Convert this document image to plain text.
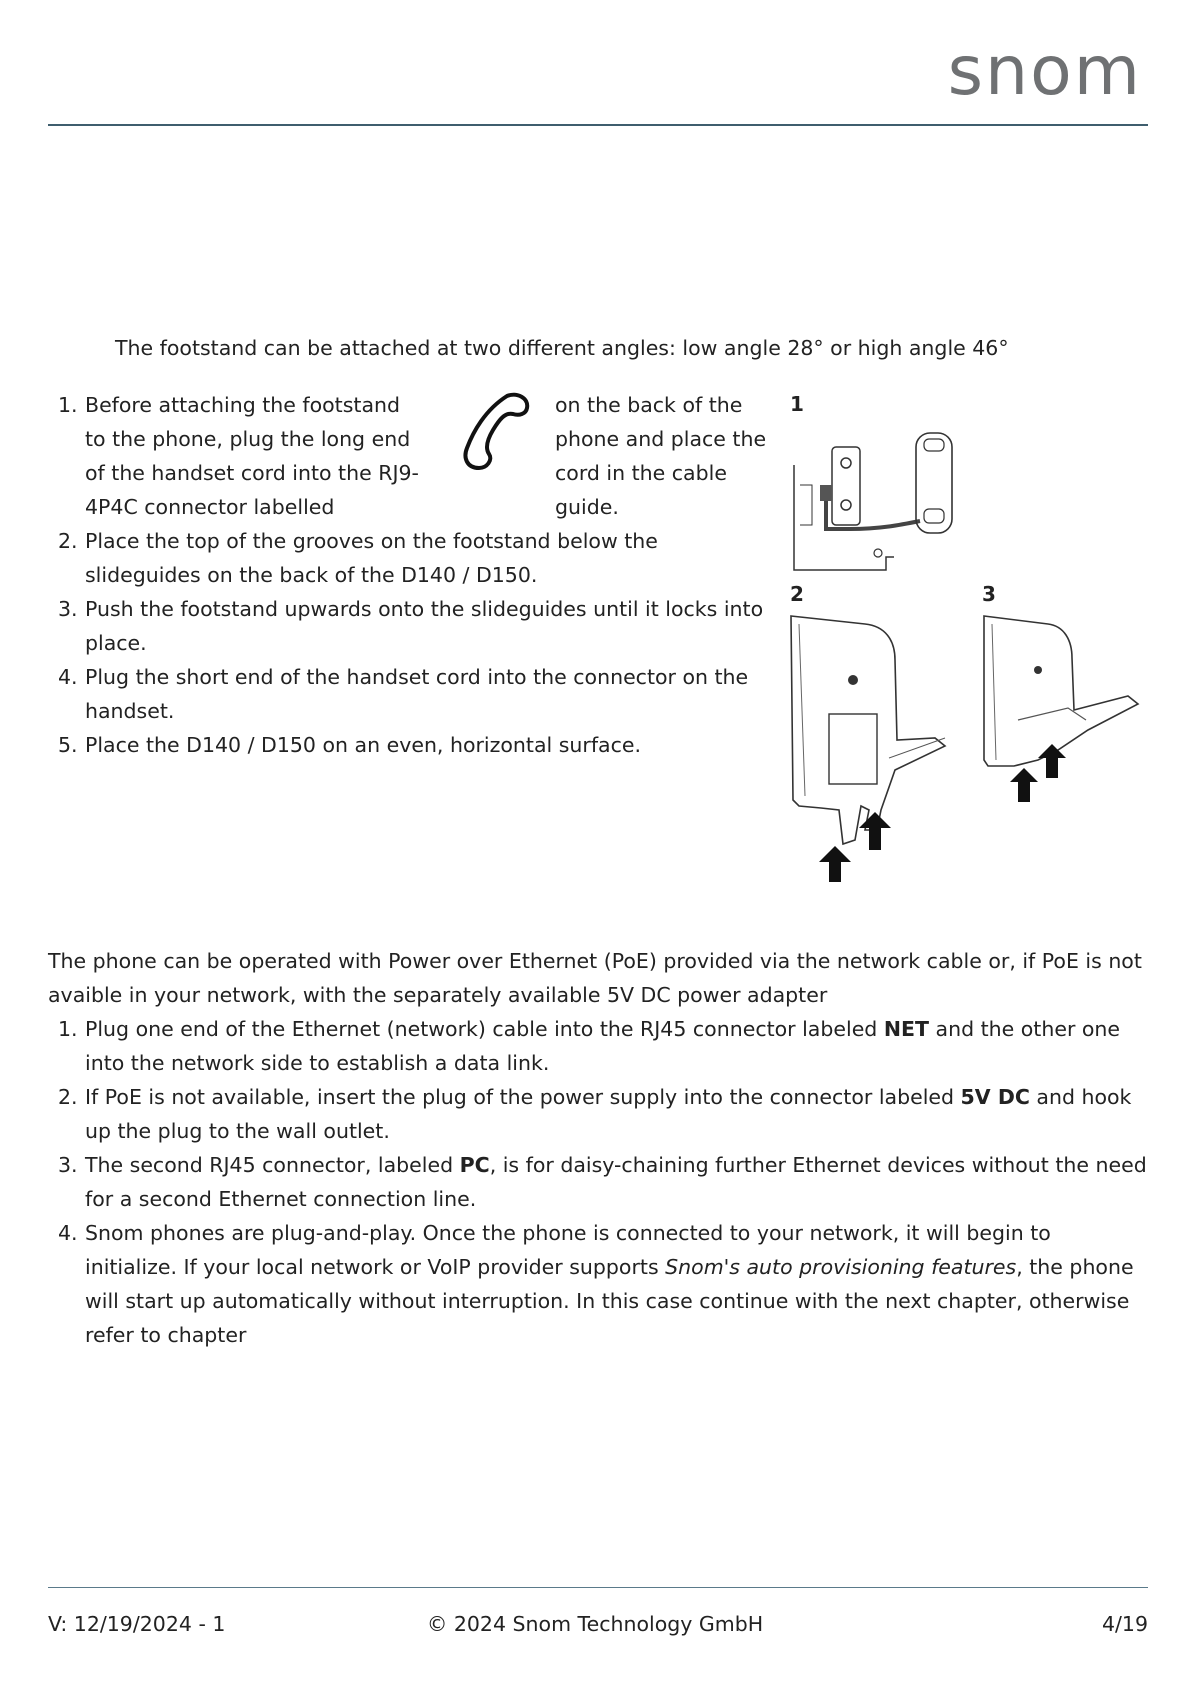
snom
The footstand can be attached at two different angles: low angle 28° or high angle 46°
1. Before attaching the footstand
to the phone, plug the long end
of the handset cord into the RJ9-
4P4C connector labelled
on the back of the
phone and place the
cord in the cable
guide.
2. Place the top of the grooves on the footstand below the slideguides on the back of the D140 / D150.
3. Push the footstand upwards onto the slideguides until it locks into place.
4. Plug the short end of the handset cord into the connector on the handset.
5. Place the D140 / D150 on an even, horizontal surface.
1
2	3
The phone can be operated with Power over Ethernet (PoE) provided via the network cable or, if PoE is not avaible in your network, with the separately available 5V DC power adapter
1. Plug one end of the Ethernet (network) cable into the RJ45 connector labeled NET and the other one into the network side to establish a data link.
2. If PoE is not available, insert the plug of the power supply into the connector labeled 5V DC and hook up the plug to the wall outlet.
3. The second RJ45 connector, labeled PC, is for daisy-chaining further Ethernet devices without the need for a second Ethernet connection line.
4. Snom phones are plug-and-play. Once the phone is connected to your network, it will begin to initialize. If your local network or VoIP provider supports Snom's auto provisioning features, the phone will start up automatically without interruption. In this case continue with the next chapter, otherwise refer to chapter
V: 12/19/2024 - 1	© 2024 Snom Technology GmbH	4/19
